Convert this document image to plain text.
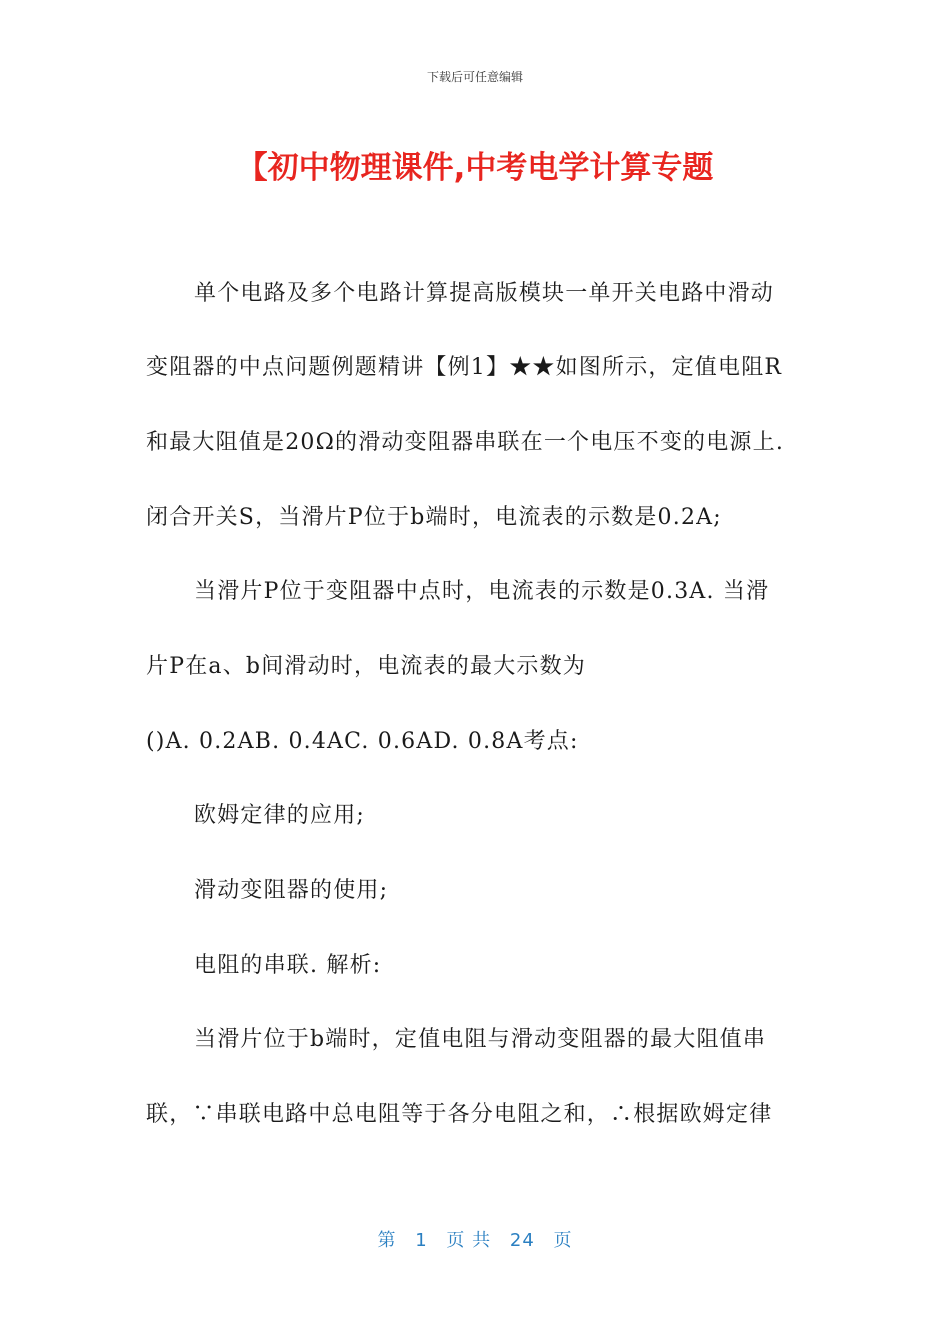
下载后可任意编辑
【初中物理课件,中考电学计算专题
单个电路及多个电路计算提高版模块一单开关电路中滑动
变阻器的中点问题例题精讲【例1】★★如图所示，定值电阻R
和最大阻值是20Ω的滑动变阻器串联在一个电压不变的电源上.
闭合开关S，当滑片P位于b端时，电流表的示数是0.2A;
当滑片P位于变阻器中点时，电流表的示数是0.3A. 当滑
片P在a、b间滑动时，电流表的最大示数为
()A. 0.2AB. 0.4AC. 0.6AD. 0.8A考点:
欧姆定律的应用;
滑动变阻器的使用;
电阻的串联. 解析:
当滑片位于b端时，定值电阻与滑动变阻器的最大阻值串
联，∵串联电路中总电阻等于各分电阻之和，∴根据欧姆定律
第 1 页 共 24 页
